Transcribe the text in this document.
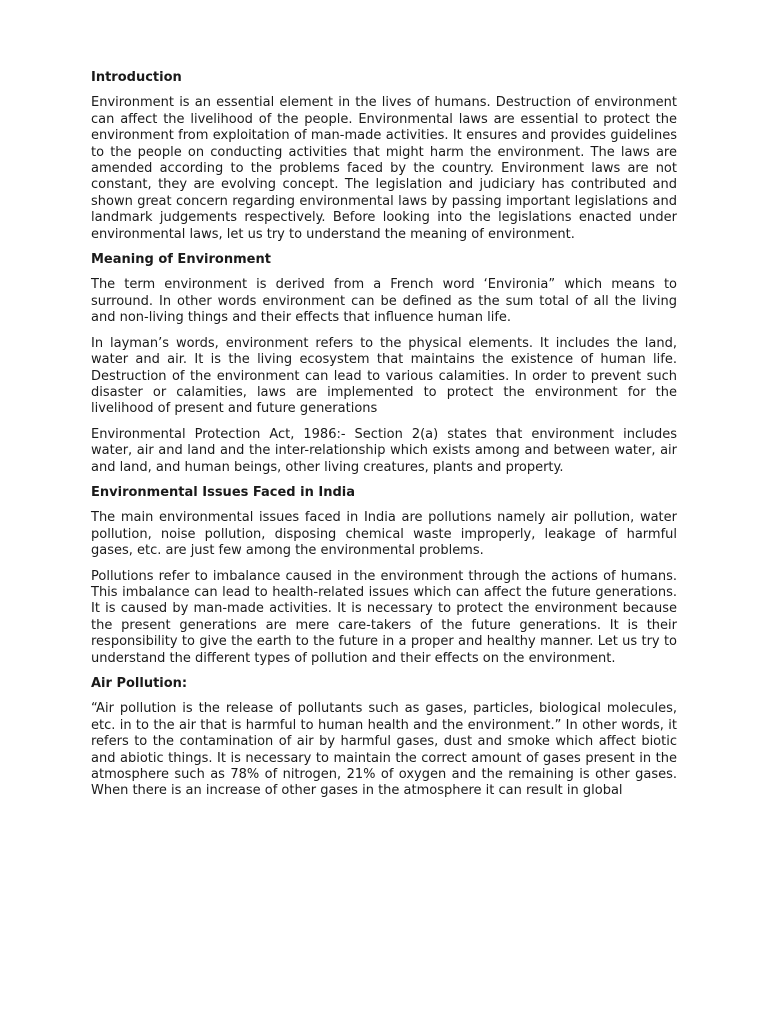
Introduction

Environment is an essential element in the lives of humans. Destruction of environment can affect the livelihood of the people. Environmental laws are essential to protect the environment from exploitation of man-made activities. It ensures and provides guidelines to the people on conducting activities that might harm the environment. The laws are amended according to the problems faced by the country. Environment laws are not constant, they are evolving concept. The legislation and judiciary has contributed and shown great concern regarding environmental laws by passing important legislations and landmark judgements respectively. Before looking into the legislations enacted under environmental laws, let us try to understand the meaning of environment.

Meaning of Environment

The term environment is derived from a French word ‘Environia” which means to surround. In other words environment can be defined as the sum total of all the living and non-living things and their effects that influence human life.

In layman’s words, environment refers to the physical elements. It includes the land, water and air. It is the living ecosystem that maintains the existence of human life. Destruction of the environment can lead to various calamities. In order to prevent such disaster or calamities, laws are implemented to protect the environment for the livelihood of present and future generations

Environmental Protection Act, 1986:- Section 2(a) states that environment includes water, air and land and the inter-relationship which exists among and between water, air and land, and human beings, other living creatures, plants and property.

Environmental Issues Faced in India

The main environmental issues faced in India are pollutions namely air pollution, water pollution, noise pollution, disposing chemical waste improperly, leakage of harmful gases, etc. are just few among the environmental problems.

Pollutions refer to imbalance caused in the environment through the actions of humans. This imbalance can lead to health-related issues which can affect the future generations. It is caused by man-made activities. It is necessary to protect the environment because the present generations are mere care-takers of the future generations. It is their responsibility to give the earth to the future in a proper and healthy manner. Let us try to understand the different types of pollution and their effects on the environment.

Air Pollution:

“Air pollution is the release of pollutants such as gases, particles, biological molecules, etc. in to the air that is harmful to human health and the environment.” In other words, it refers to the contamination of air by harmful gases, dust and smoke which affect biotic and abiotic things. It is necessary to maintain the correct amount of gases present in the atmosphere such as 78% of nitrogen, 21% of oxygen and the remaining is other gases. When there is an increase of other gases in the atmosphere it can result in global
